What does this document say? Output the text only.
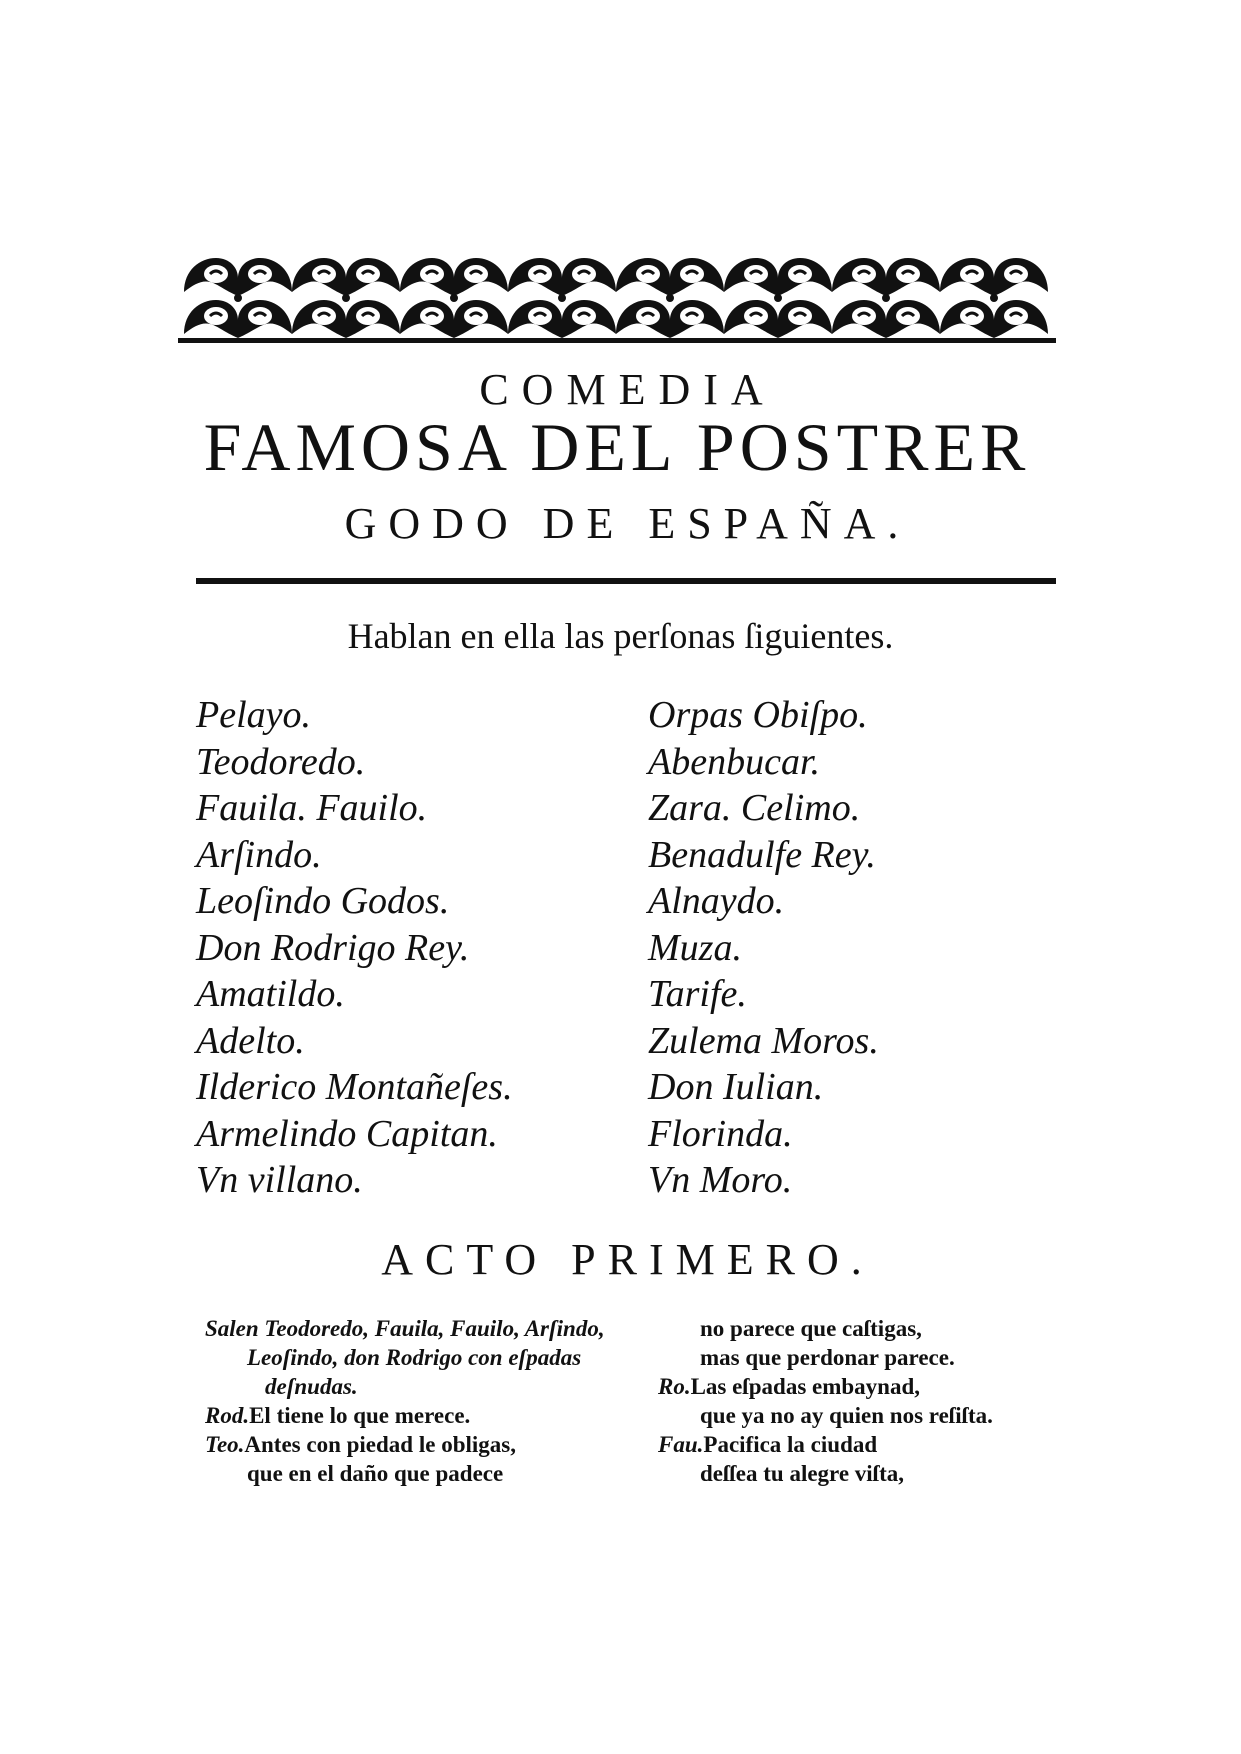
COMEDIA
FAMOSA DEL POSTRER
GODO DE ESPAÑA.
Hablan en ella las perſonas ſiguientes.
Pelayo.
Teodoredo.
Fauila. Fauilo.
Arſindo.
Leoſindo Godos.
Don Rodrigo Rey.
Amatildo.
Adelto.
Ilderico Montañeſes.
Armelindo Capitan.
Vn villano.
Orpas Obiſpo.
Abenbucar.
Zara. Celimo.
Benadulfe Rey.
Alnaydo.
Muza.
Tarife.
Zulema Moros.
Don Iulian.
Florinda.
Vn Moro.
ACTO PRIMERO.
Salen Teodoredo, Fauila, Fauilo, Arſindo,
Leoſindo, don Rodrigo con eſpadas
deſnudas.
Rod.El tiene lo que merece.
Teo.Antes con piedad le obligas,
que en el daño que padece
no parece que caſtigas,
mas que perdonar parece.
Ro.Las eſpadas embaynad,
que ya no ay quien nos reſiſta.
Fau.Pacifica la ciudad
deſſea tu alegre viſta,
